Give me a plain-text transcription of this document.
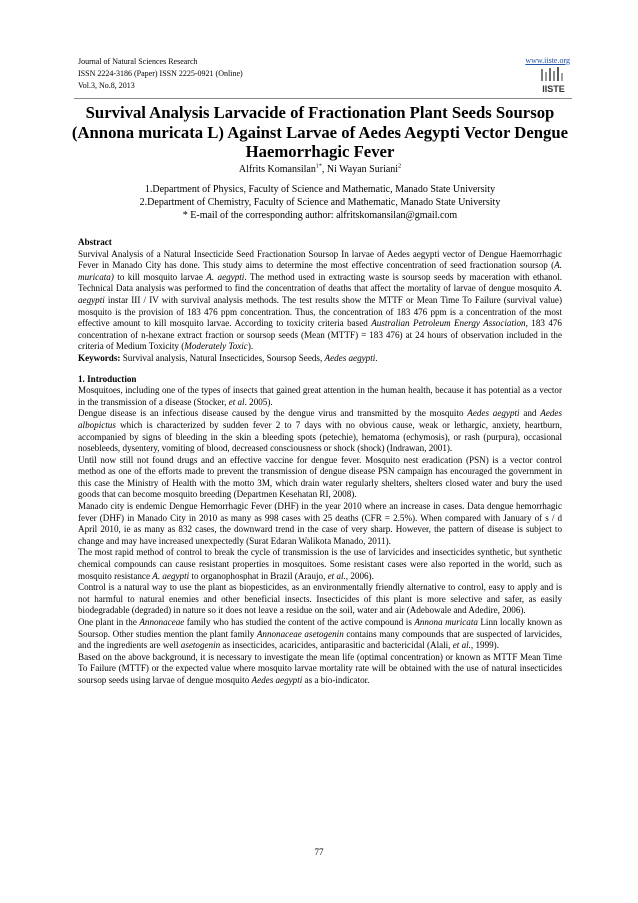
Journal of Natural Sciences Research
ISSN 2224-3186 (Paper) ISSN 2225-0921 (Online)
Vol.3, No.8, 2013
www.iiste.org
IISTE
Survival Analysis Larvacide of Fractionation Plant Seeds Soursop (Annona muricata L) Against Larvae of Aedes Aegypti Vector Dengue Haemorrhagic Fever
Alfrits Komansilan$^{1*}$, Ni Wayan Suriani$^2$
1.Department of Physics, Faculty of Science and Mathematic, Manado State University
2.Department of Chemistry, Faculty of Science and Mathematic, Manado State University
* E-mail of the corresponding author: alfritskomansilan@gmail.com

Abstract

Survival Analysis of a Natural Insecticide Seed Fractionation Soursop In larvae of Aedes aegypti vector of Dengue Haemorrhagic Fever in Manado City has done. This study aims to determine the most effective concentration of seed fractionation soursop (A. muricata) to kill mosquito larvae A. aegypti. The method used in extracting waste is soursop seeds by maceration with ethanol. Technical Data analysis was performed to find the concentration of deaths that affect the mortality of larvae of dengue mosquito A. aegypti instar III / IV with survival analysis methods. The test results show the MTTF or Mean Time To Failure (survival value) mosquito is the provision of 183 476 ppm concentration. Thus, the concentration of 183 476 ppm is a concentration of the most effective amount to kill mosquito larvae. According to toxicity criteria based Australian Petroleum Energy Association, 183 476 concentration of n-hexane extract fraction or soursop seeds (Mean (MTTF) = 183 476) at 24 hours of observation included in the criteria of Medium Toxicity (Moderately Toxic).

Keywords: Survival analysis, Natural Insecticides, Soursop Seeds, Aedes aegypti.

1. Introduction

Mosquitoes, including one of the types of insects that gained great attention in the human health, because it has potential as a vector in the transmission of a disease (Stocker, et al. 2005).

Dengue disease is an infectious disease caused by the dengue virus and transmitted by the mosquito Aedes aegypti and Aedes albopictus which is characterized by sudden fever 2 to 7 days with no obvious cause, weak or lethargic, anxiety, heartburn, accompanied by signs of bleeding in the skin a bleeding spots (petechie), hematoma (echymosis), or rash (purpura), occasional nosebleeds, dysentery, vomiting of blood, decreased consciousness or shock (shock) (Indrawan, 2001).

Until now still not found drugs and an effective vaccine for dengue fever. Mosquito nest eradication (PSN) is a vector control method as one of the efforts made to prevent the transmission of dengue disease PSN campaign has encouraged the government in this case the Ministry of Health with the motto 3M, which drain water regularly shelters, shelters closed water and bury the used goods that can become mosquito breeding (Departmen Kesehatan RI, 2008).

Manado city is endemic Dengue Hemorrhagic Fever (DHF) in the year 2010 where an increase in cases. Data dengue hemorrhagic fever (DHF) in Manado City in 2010 as many as 998 cases with 25 deaths (CFR = 2.5%). When compared with January of s / d April 2010, ie as many as 832 cases, the downward trend in the case of very sharp. However, the pattern of disease is subject to change and may have increased unexpectedly (Surat Edaran Walikota Manado, 2011).

The most rapid method of control to break the cycle of transmission is the use of larvicides and insecticides synthetic, but synthetic chemical compounds can cause resistant properties in mosquitoes. Some resistant cases were also reported in the world, such as mosquito resistance A. aegypti to organophosphat in Brazil (Araujo, et al., 2006).

Control is a natural way to use the plant as biopesticides, as an environmentally friendly alternative to control, easy to apply and is not harmful to natural enemies and other beneficial insects. Insecticides of this plant is more selective and safer, as easily biodegradable (degraded) in nature so it does not leave a residue on the soil, water and air (Adebowale and Adedire, 2006).

One plant in the Annonaceae family who has studied the content of the active compound is Annona muricata Linn locally known as Soursop. Other studies mention the plant family Annonaceae asetogenin contains many compounds that are suspected of larvicides, and the ingredients are well asetogenin as insecticides, acaricides, antiparasitic and bactericidal (Alali, et al., 1999).

Based on the above background, it is necessary to investigate the mean life (optimal concentration) or known as MTTF Mean Time To Failure (MTTF) or the expected value where mosquito larvae mortality rate will be obtained with the use of natural insecticides soursop seeds using larvae of dengue mosquito Aedes aegypti as a bio-indicator.

77
